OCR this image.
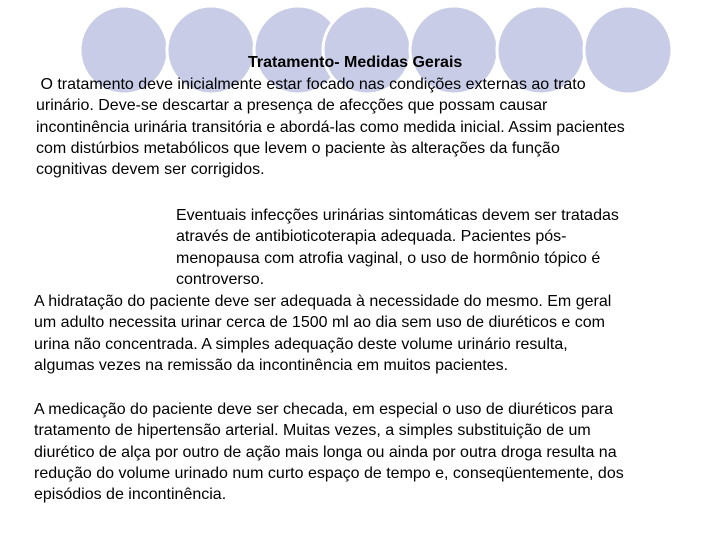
Tratamento- Medidas Gerais

O tratamento deve inicialmente estar focado nas condições externas ao trato
urinário. Deve-se descartar a presença de afecções que possam causar
incontinência urinária transitória e abordá-las como medida inicial. Assim pacientes
com distúrbios metabólicos que levem o paciente às alterações da função
cognitivas devem ser corrigidos.
Eventuais infecções urinárias sintomáticas devem ser tratadas
através de antibioticoterapia adequada. Pacientes pós-
menopausa com atrofia vaginal, o uso de hormônio tópico é
controverso.
A hidratação do paciente deve ser adequada à necessidade do mesmo. Em geral
um adulto necessita urinar cerca de 1500 ml ao dia sem uso de diuréticos e com
urina não concentrada. A simples adequação deste volume urinário resulta,
algumas vezes na remissão da incontinência em muitos pacientes.
A medicação do paciente deve ser checada, em especial o uso de diuréticos para
tratamento de hipertensão arterial. Muitas vezes, a simples substituição de um
diurético de alça por outro de ação mais longa ou ainda por outra droga resulta na
redução do volume urinado num curto espaço de tempo e, conseqüentemente, dos
episódios de incontinência.
